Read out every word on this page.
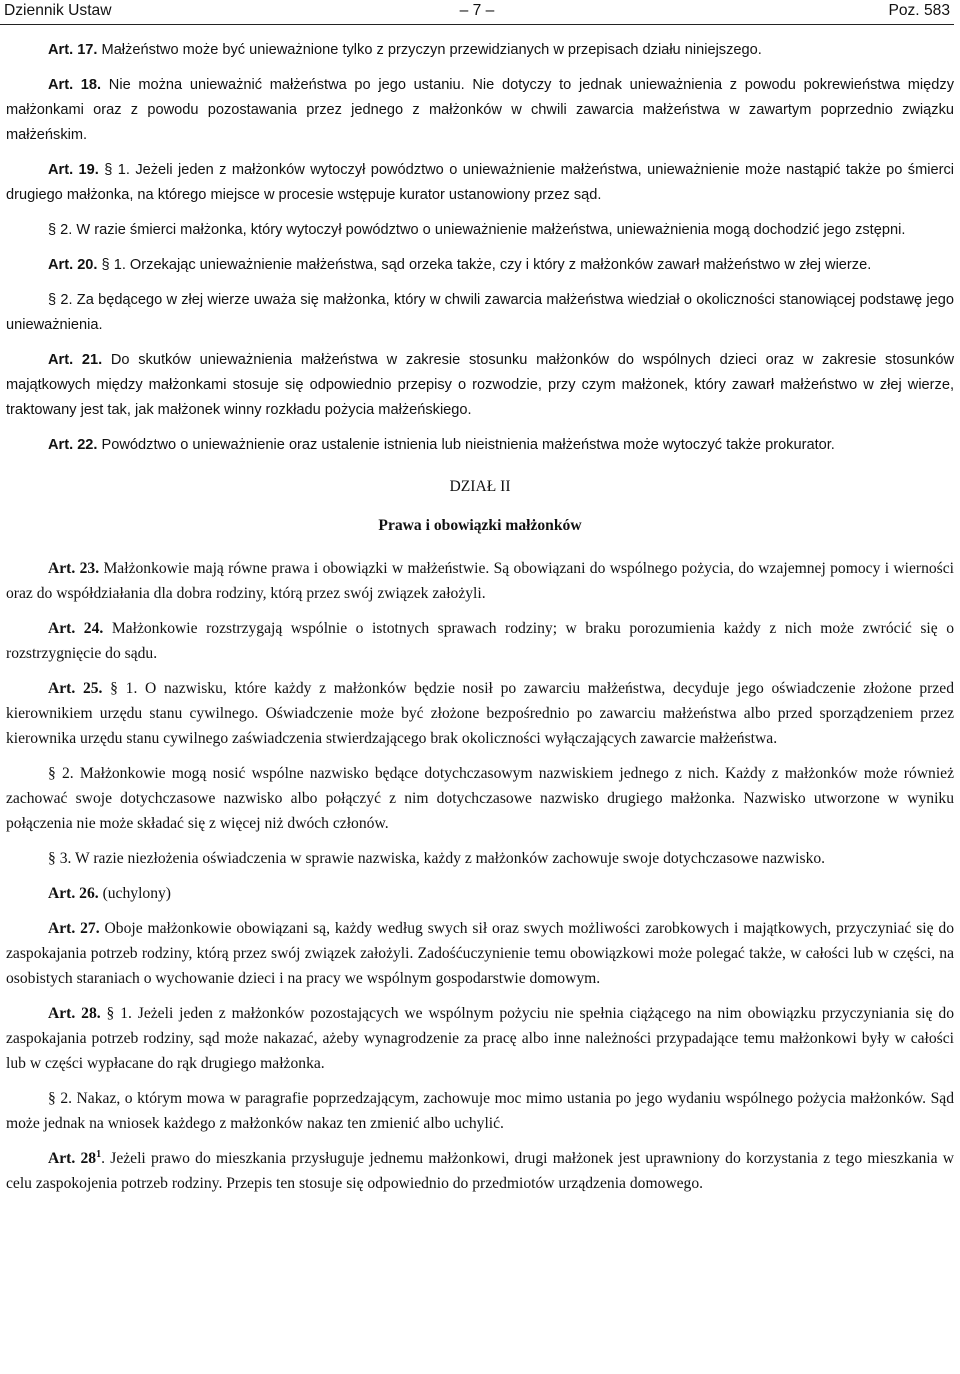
Dziennik Ustaw	– 7 –	Poz. 583

Art. 17. Małżeństwo może być unieważnione tylko z przyczyn przewidzianych w przepisach działu niniejszego.

Art. 18. Nie można unieważnić małżeństwa po jego ustaniu. Nie dotyczy to jednak unieważnienia z powodu pokrewieństwa między małżonkami oraz z powodu pozostawania przez jednego z małżonków w chwili zawarcia małżeństwa w zawartym poprzednio związku małżeńskim.

Art. 19. § 1. Jeżeli jeden z małżonków wytoczył powództwo o unieważnienie małżeństwa, unieważnienie może nastąpić także po śmierci drugiego małżonka, na którego miejsce w procesie wstępuje kurator ustanowiony przez sąd.

§ 2. W razie śmierci małżonka, który wytoczył powództwo o unieważnienie małżeństwa, unieważnienia mogą dochodzić jego zstępni.

Art. 20. § 1. Orzekając unieważnienie małżeństwa, sąd orzeka także, czy i który z małżonków zawarł małżeństwo w złej wierze.

§ 2. Za będącego w złej wierze uważa się małżonka, który w chwili zawarcia małżeństwa wiedział o okoliczności stanowiącej podstawę jego unieważnienia.

Art. 21. Do skutków unieważnienia małżeństwa w zakresie stosunku małżonków do wspólnych dzieci oraz w zakresie stosunków majątkowych między małżonkami stosuje się odpowiednio przepisy o rozwodzie, przy czym małżonek, który zawarł małżeństwo w złej wierze, traktowany jest tak, jak małżonek winny rozkładu pożycia małżeńskiego.

Art. 22. Powództwo o unieważnienie oraz ustalenie istnienia lub nieistnienia małżeństwa może wytoczyć także prokurator.

DZIAŁ II

Prawa i obowiązki małżonków

Art. 23. Małżonkowie mają równe prawa i obowiązki w małżeństwie. Są obowiązani do wspólnego pożycia, do wzajemnej pomocy i wierności oraz do współdziałania dla dobra rodziny, którą przez swój związek założyli.

Art. 24. Małżonkowie rozstrzygają wspólnie o istotnych sprawach rodziny; w braku porozumienia każdy z nich może zwrócić się o rozstrzygnięcie do sądu.

Art. 25. § 1. O nazwisku, które każdy z małżonków będzie nosił po zawarciu małżeństwa, decyduje jego oświadczenie złożone przed kierownikiem urzędu stanu cywilnego. Oświadczenie może być złożone bezpośrednio po zawarciu małżeństwa albo przed sporządzeniem przez kierownika urzędu stanu cywilnego zaświadczenia stwierdzającego brak okoliczności wyłączających zawarcie małżeństwa.

§ 2. Małżonkowie mogą nosić wspólne nazwisko będące dotychczasowym nazwiskiem jednego z nich. Każdy z małżonków może również zachować swoje dotychczasowe nazwisko albo połączyć z nim dotychczasowe nazwisko drugiego małżonka. Nazwisko utworzone w wyniku połączenia nie może składać się z więcej niż dwóch członów.

§ 3. W razie niezłożenia oświadczenia w sprawie nazwiska, każdy z małżonków zachowuje swoje dotychczasowe nazwisko.

Art. 26. (uchylony)

Art. 27. Oboje małżonkowie obowiązani są, każdy według swych sił oraz swych możliwości zarobkowych i majątkowych, przyczyniać się do zaspokajania potrzeb rodziny, którą przez swój związek założyli. Zadośćuczynienie temu obowiązkowi może polegać także, w całości lub w części, na osobistych staraniach o wychowanie dzieci i na pracy we wspólnym gospodarstwie domowym.

Art. 28. § 1. Jeżeli jeden z małżonków pozostających we wspólnym pożyciu nie spełnia ciążącego na nim obowiązku przyczyniania się do zaspokajania potrzeb rodziny, sąd może nakazać, ażeby wynagrodzenie za pracę albo inne należności przypadające temu małżonkowi były w całości lub w części wypłacane do rąk drugiego małżonka.

§ 2. Nakaz, o którym mowa w paragrafie poprzedzającym, zachowuje moc mimo ustania po jego wydaniu wspólnego pożycia małżonków. Sąd może jednak na wniosek każdego z małżonków nakaz ten zmienić albo uchylić.

Art. $28^1$. Jeżeli prawo do mieszkania przysługuje jednemu małżonkowi, drugi małżonek jest uprawniony do korzystania z tego mieszkania w celu zaspokojenia potrzeb rodziny. Przepis ten stosuje się odpowiednio do przedmiotów urządzenia domowego.
